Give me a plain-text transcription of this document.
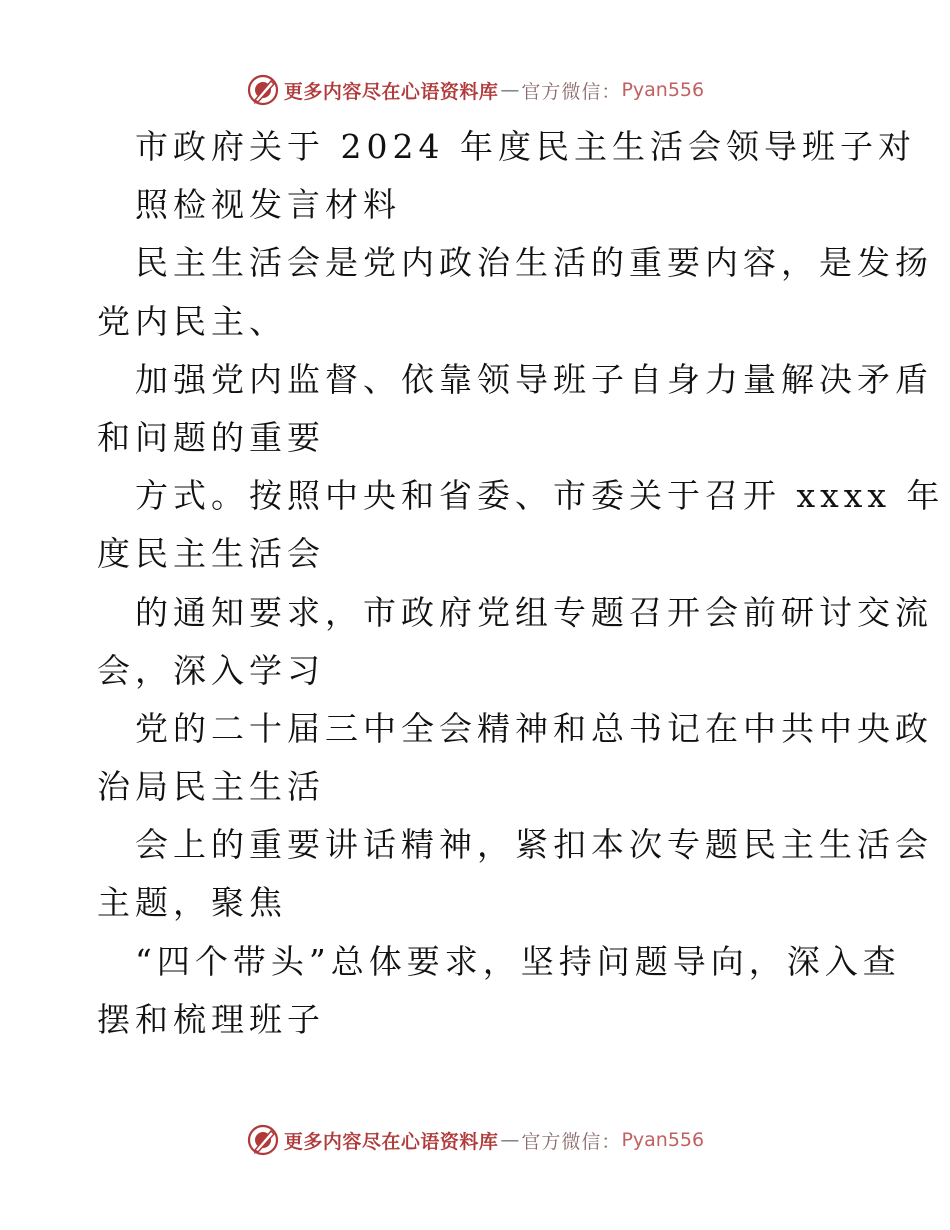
更多内容尽在心语资料库 — 官方微信： Pyan556
市政府关于 2024 年度民主生活会领导班子对
照检视发言材料
民主生活会是党内政治生活的重要内容，是发扬
党内民主、
加强党内监督、依靠领导班子自身力量解决矛盾
和问题的重要
方式。按照中央和省委、市委关于召开 xxxx 年
度民主生活会
的通知要求，市政府党组专题召开会前研讨交流
会，深入学习
党的二十届三中全会精神和总书记在中共中央政
治局民主生活
会上的重要讲话精神，紧扣本次专题民主生活会
主题，聚焦
“四个带头”总体要求，坚持问题导向，深入查
摆和梳理班子
更多内容尽在心语资料库 — 官方微信： Pyan556
